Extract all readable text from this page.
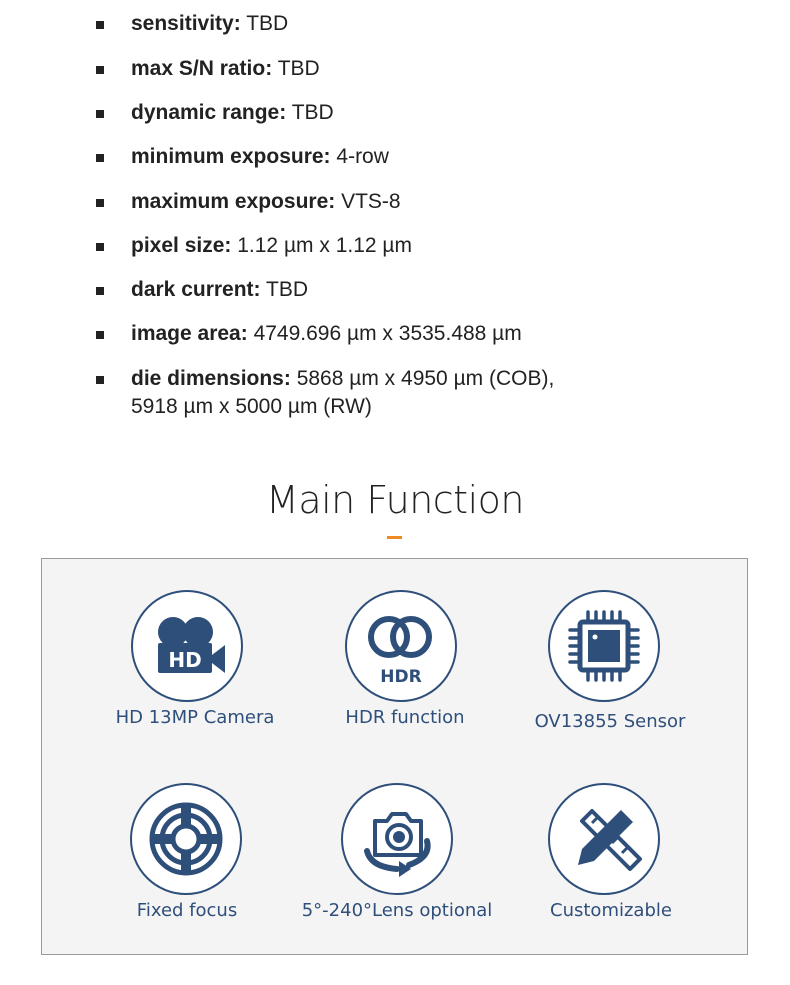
sensitivity: TBD
max S/N ratio: TBD
dynamic range: TBD
minimum exposure: 4-row
maximum exposure: VTS-8
pixel size: 1.12 µm x 1.12 µm
dark current: TBD
image area: 4749.696 µm x 3535.488 µm
die dimensions: 5868 µm x 4950 µm (COB),
5918 µm x 5000 µm (RW)
Main Function
HD
HD 13MP Camera
HDR
HDR function	OV13855 Sensor
Fixed focus	5°-240°Lens optional	Customizable
